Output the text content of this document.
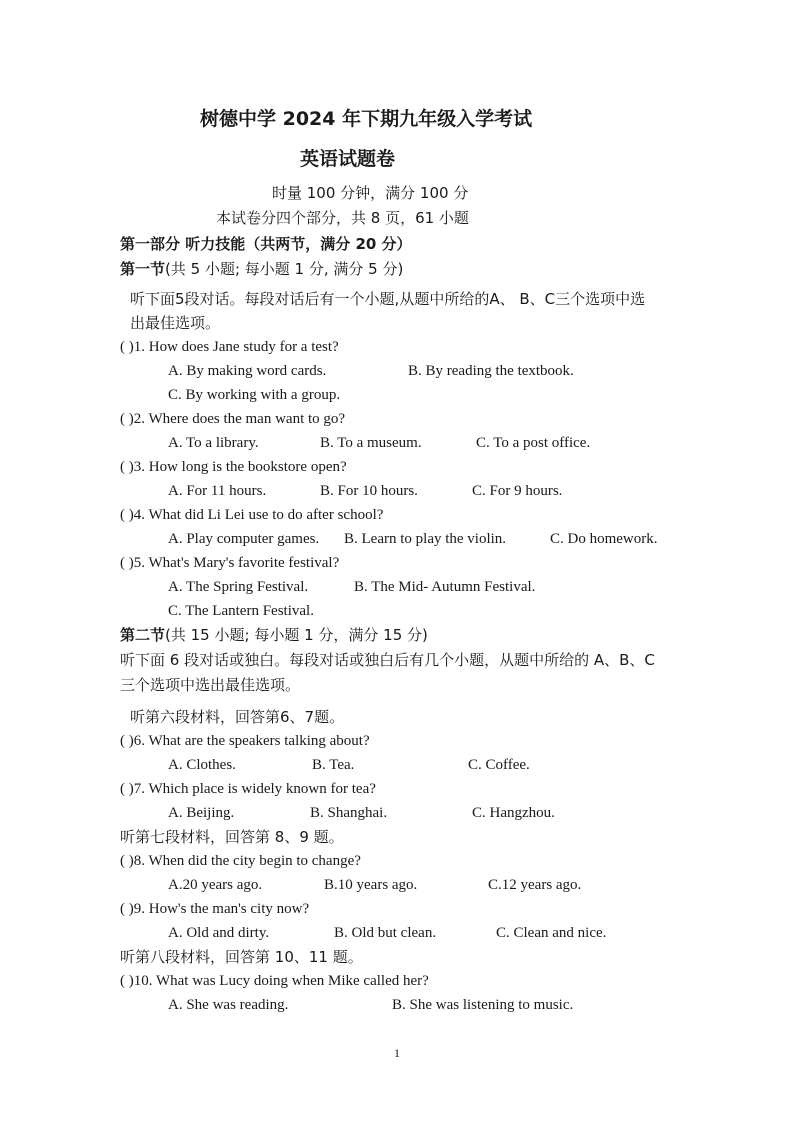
树德中学 2024 年下期九年级入学考试
英语试题卷
时量 100 分钟，满分 100 分
本试卷分四个部分，共 8 页，61 小题
第一部分 听力技能（共两节，满分 20 分）
第一节(共 5 小题; 每小题 1 分, 满分 5 分)
听下面5段对话。每段对话后有一个小题,从题中所给的A、 B、C三个选项中选
出最佳选项。
( )1. How does Jane study for a test?
A. By making word cards.	B. By reading the textbook.
C. By working with a group.
( )2. Where does the man want to go?
A. To a library.	B. To a museum.	C. To a post office.
( )3. How long is the bookstore open?
A. For 11 hours.	B. For 10 hours.	C. For 9 hours.
( )4. What did Li Lei use to do after school?
A. Play computer games. B. Learn to play the violin.	C. Do homework.
( )5. What's Mary's favorite festival?
A. The Spring Festival.	B. The Mid- Autumn Festival.
C. The Lantern Festival.
第二节(共 15 小题; 每小题 1 分，满分 15 分)
听下面 6 段对话或独白。每段对话或独白后有几个小题，从题中所给的 A、B、C
三个选项中选出最佳选项。
听第六段材料，回答第6、7题。
( )6. What are the speakers talking about?
A. Clothes.	B. Tea.	C. Coffee.
( )7. Which place is widely known for tea?
A. Beijing.	B. Shanghai.	C. Hangzhou.
听第七段材料，回答第 8、9 题。
( )8. When did the city begin to change?
A.20 years ago.	B.10 years ago.	C.12 years ago.
( )9. How's the man's city now?
A. Old and dirty.	B. Old but clean.	C. Clean and nice.
听第八段材料，回答第 10、11 题。
( )10. What was Lucy doing when Mike called her?
A. She was reading.	B. She was listening to music.
1
